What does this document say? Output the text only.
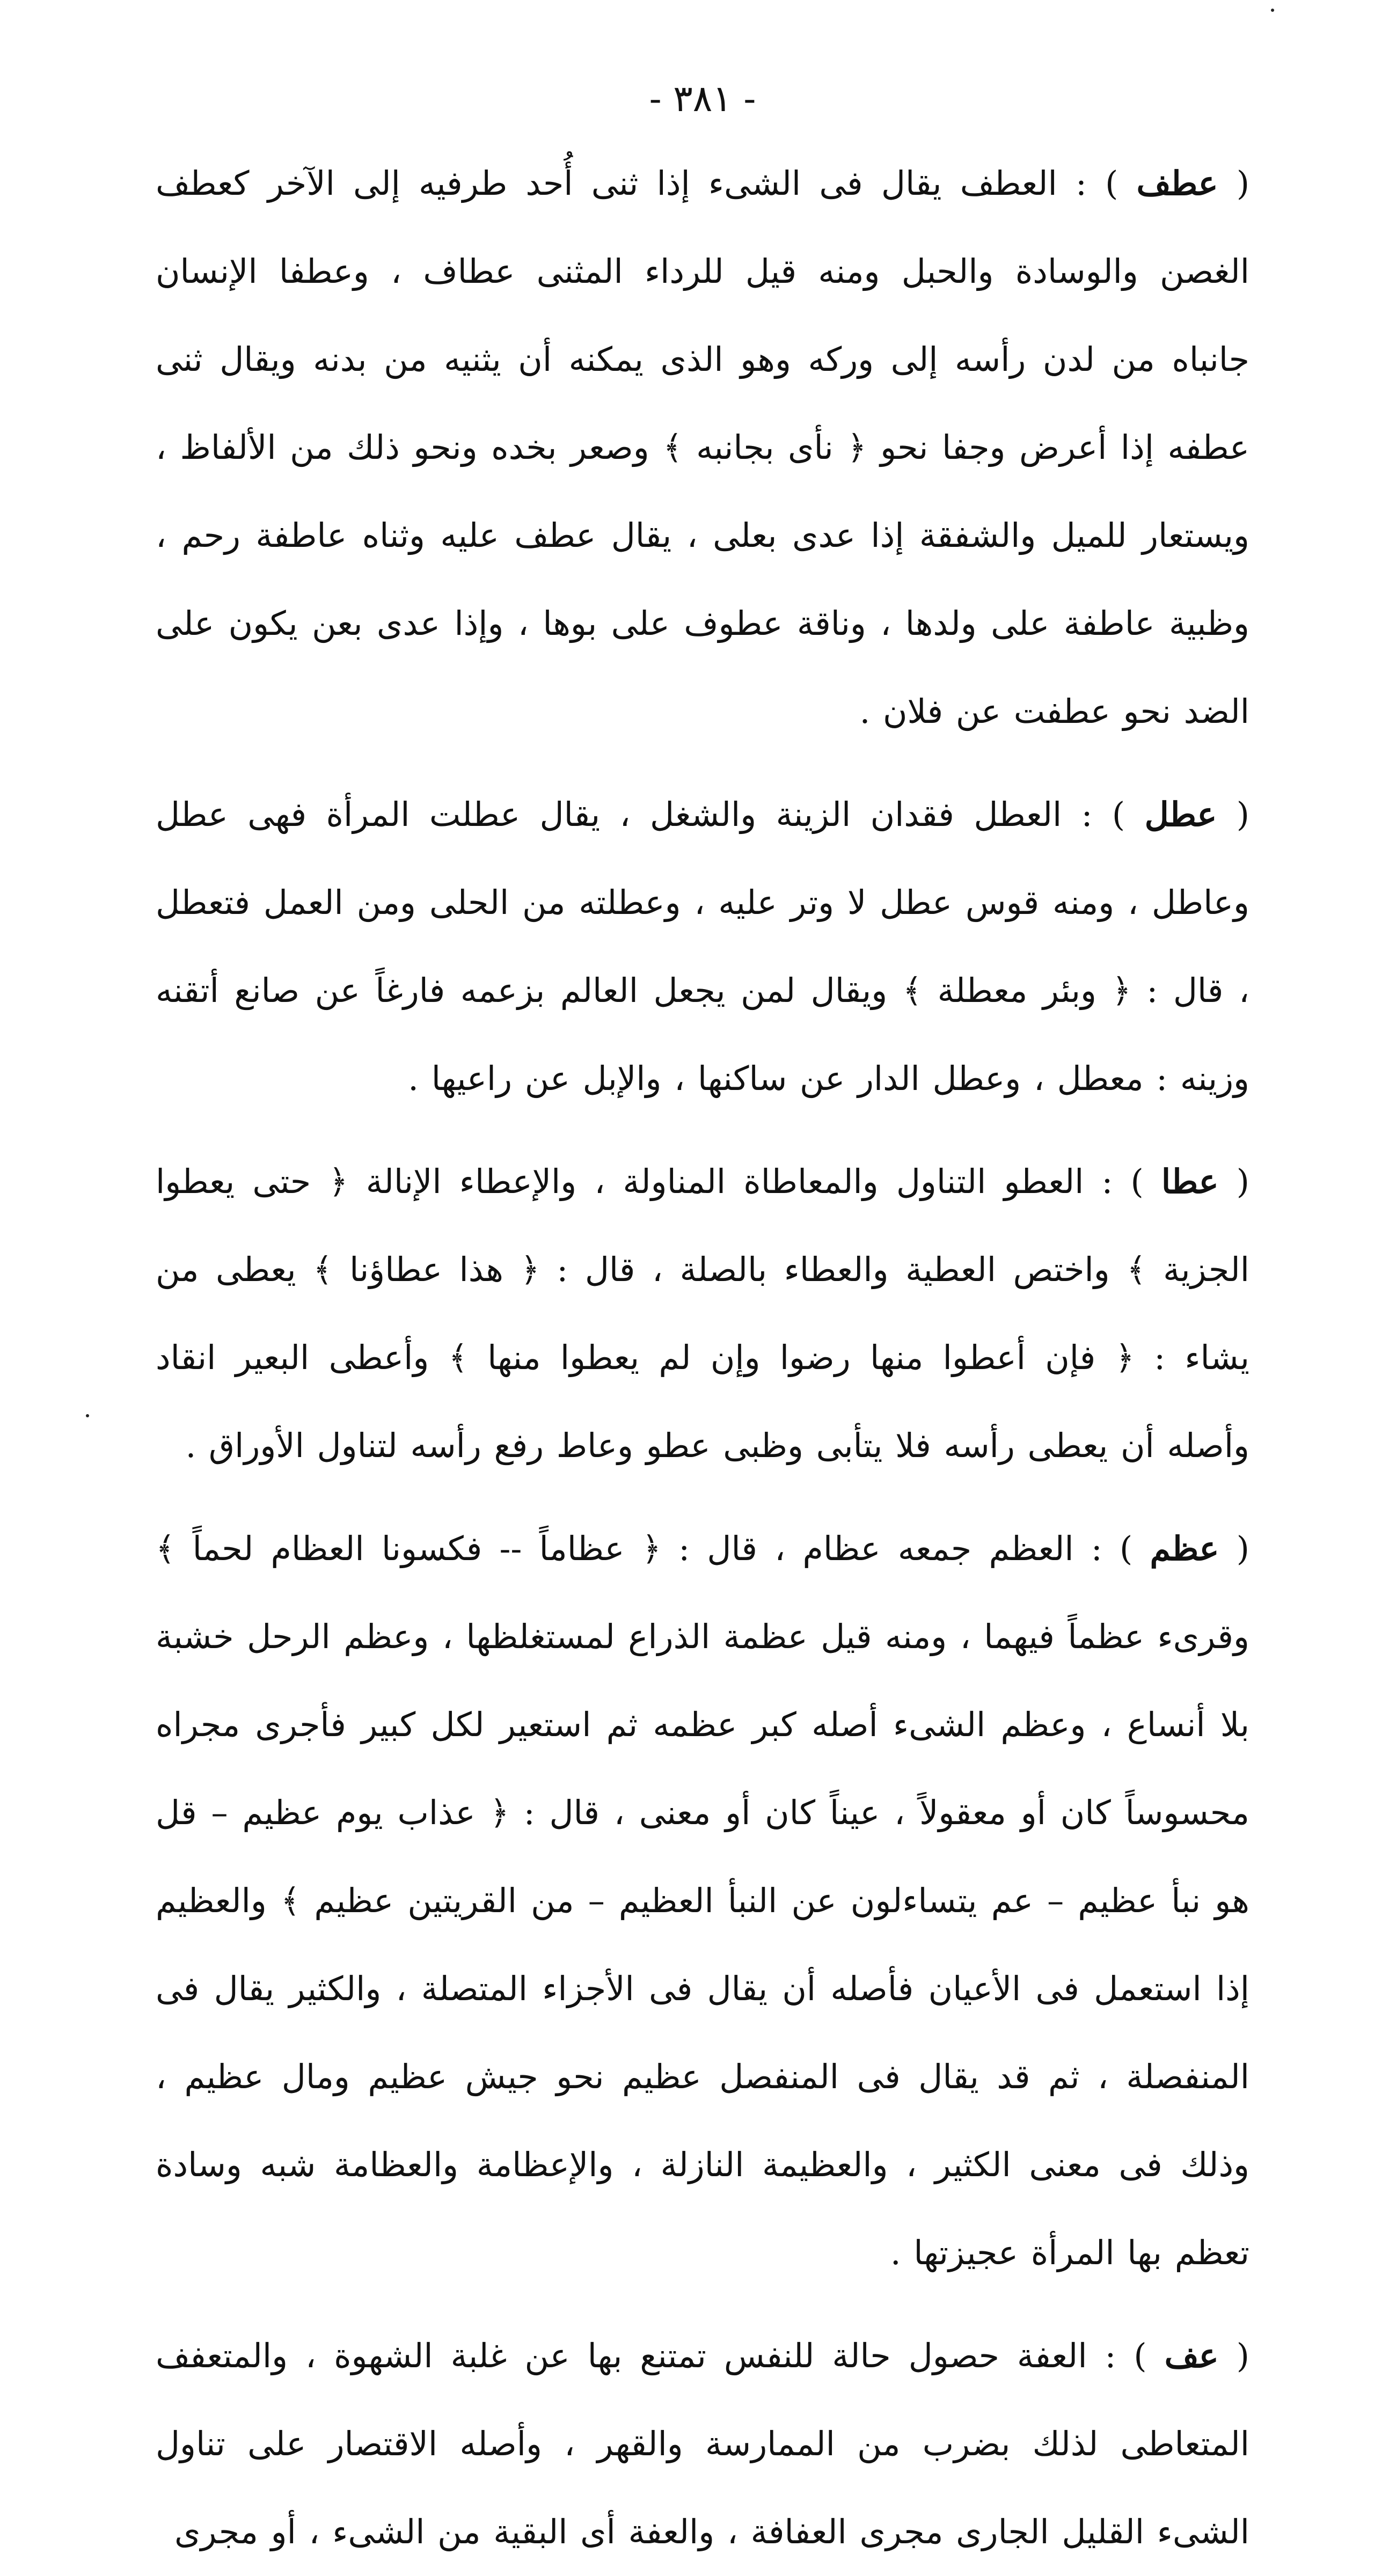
- ٣٨١ -

( عطف ) : العطف يقال فى الشىء إذا ثنى أُحد طرفيه إلى الآخر كعطف الغصن والوسادة والحبل ومنه قيل للرداء المثنى عطاف ، وعطفا الإنسان جانباه من لدن رأسه إلى وركه وهو الذى يمكنه أن يثنيه من بدنه ويقال ثنى عطفه إذا أعرض وجفا نحو ﴿ نأى بجانبه ﴾ وصعر بخده ونحو ذلك من الألفاظ ، ويستعار للميل والشفقة إذا عدى بعلى ، يقال عطف عليه وثناه عاطفة رحم ، وظبية عاطفة على ولدها ، وناقة عطوف على بوها ، وإذا عدى بعن يكون على الضد نحو عطفت عن فلان .

( عطل ) : العطل فقدان الزينة والشغل ، يقال عطلت المرأة فهى عطل وعاطل ، ومنه قوس عطل لا وتر عليه ، وعطلته من الحلى ومن العمل فتعطل ، قال : ﴿ وبئر معطلة ﴾ ويقال لمن يجعل العالم بزعمه فارغاً عن صانع أتقنه وزينه : معطل ، وعطل الدار عن ساكنها ، والإبل عن راعيها .

( عطا ) : العطو التناول والمعاطاة المناولة ، والإعطاء الإنالة ﴿ حتى يعطوا الجزية ﴾ واختص العطية والعطاء بالصلة ، قال : ﴿ هذا عطاؤنا ﴾ يعطى من يشاء : ﴿ فإن أعطوا منها رضوا وإن لم يعطوا منها ﴾ وأعطى البعير انقاد وأصله أن يعطى رأسه فلا يتأبى وظبى عطو وعاط رفع رأسه لتناول الأوراق .

( عظم ) : العظم جمعه عظام ، قال : ﴿ عظاماً -- فكسونا العظام لحماً ﴾ وقرىء عظماً فيهما ، ومنه قيل عظمة الذراع لمستغلظها ، وعظم الرحل خشبة بلا أنساع ، وعظم الشىء أصله كبر عظمه ثم استعير لكل كبير فأجرى مجراه محسوساً كان أو معقولاً ، عيناً كان أو معنى ، قال : ﴿ عذاب يوم عظيم – قل هو نبأ عظيم – عم يتساءلون عن النبأ العظيم – من القريتين عظيم ﴾ والعظيم إذا استعمل فى الأعيان فأصله أن يقال فى الأجزاء المتصلة ، والكثير يقال فى المنفصلة ، ثم قد يقال فى المنفصل عظيم نحو جيش عظيم ومال عظيم ، وذلك فى معنى الكثير ، والعظيمة النازلة ، والإعظامة والعظامة شبه وسادة تعظم بها المرأة عجيزتها .

( عف ) : العفة حصول حالة للنفس تمتنع بها عن غلبة الشهوة ، والمتعفف المتعاطى لذلك بضرب من الممارسة والقهر ، وأصله الاقتصار على تناول الشىء القليل الجارى مجرى العفافة ، والعفة أى البقية من الشىء ، أو مجرى
